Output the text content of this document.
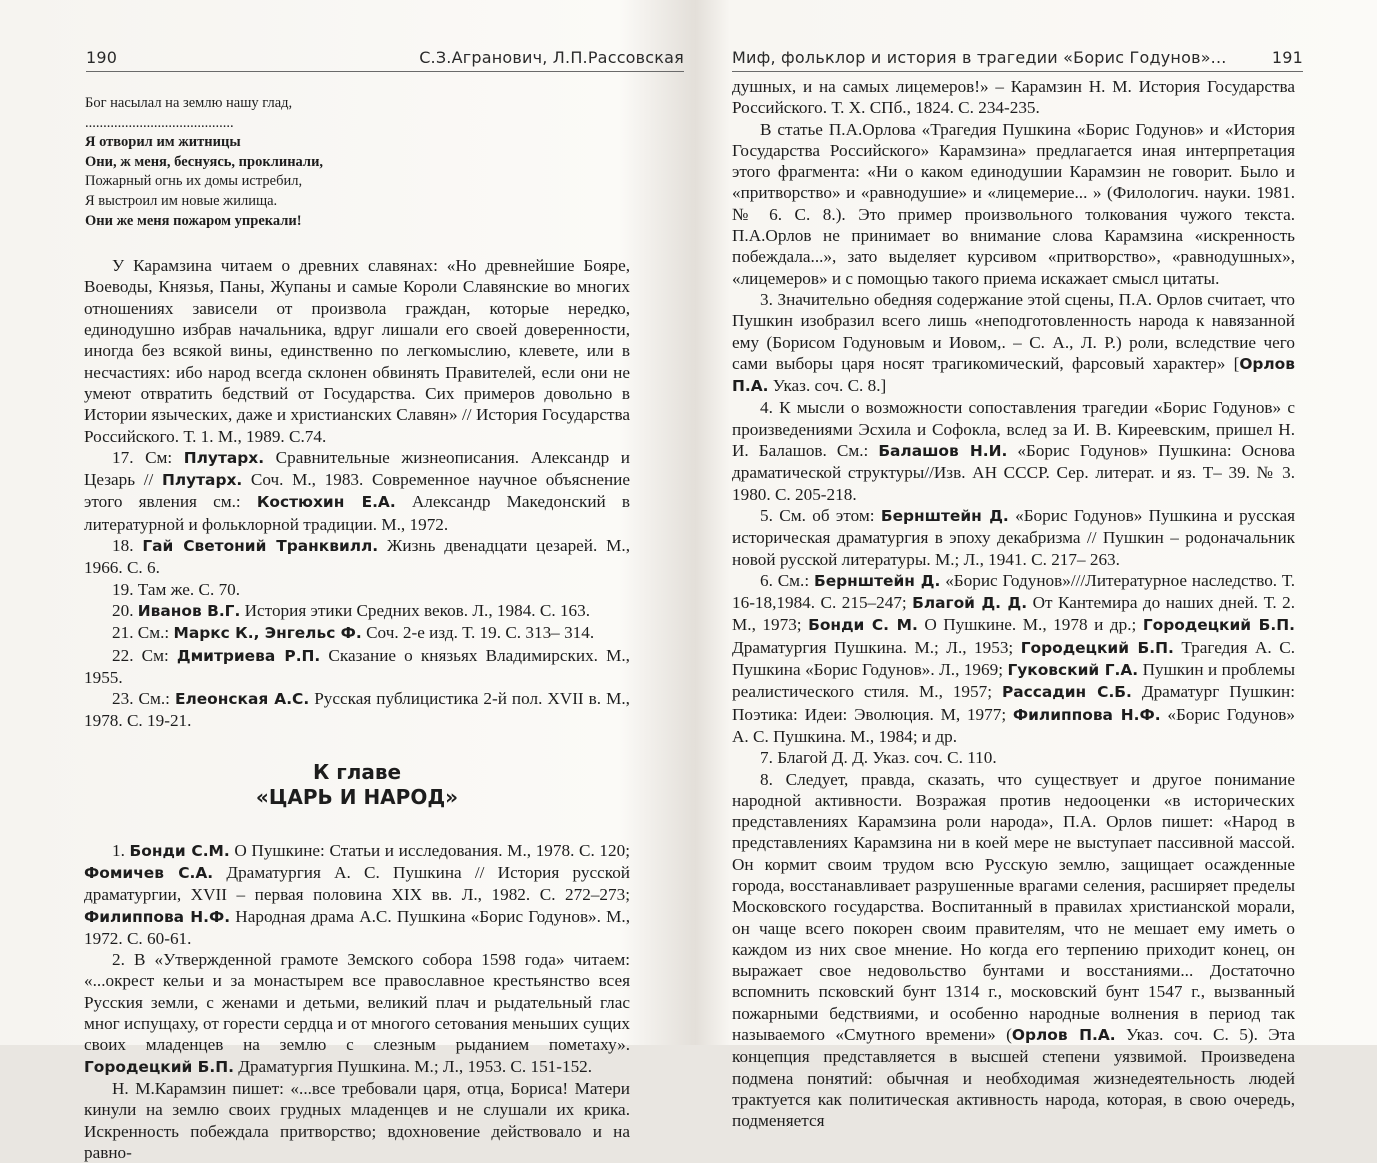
190	С.З.Агранович, Л.П.Рассовская
Бог насылал на землю нашу глад,
.........................................
Я отворил им житницы
Они, ж меня, беснуясь, проклинали,
Пожарный огнь их домы истребил,
Я выстроил им новые жилища.
Они же меня пожаром упрекали!

У Карамзина читаем о древних славянах: «Но древнейшие Бояре, Воеводы, Князья, Паны, Жупаны и самые Короли Славянские во многих отношениях зависели от произвола граждан, которые нередко, единодушно избрав начальника, вдруг лишали его своей доверенности, иногда без всякой вины, единственно по легкомыслию, клевете, или в несчастиях: ибо народ всегда склонен обвинять Правителей, если они не умеют отвратить бедствий от Государства. Сих примеров довольно в Истории языческих, даже и христианских Славян» // История Государства Российского. Т. 1. М., 1989. С.74.

17. См: Плутарх. Сравнительные жизнеописания. Александр и Цезарь // Плутарх. Соч. М., 1983. Современное научное объяснение этого явления см.: Костюхин Е.А. Александр Македонский в литературной и фольклорной традиции. М., 1972.

18. Гай Светоний Транквилл. Жизнь двенадцати цезарей. М., 1966. С. 6.

19. Там же. С. 70.

20. Иванов В.Г. История этики Средних веков. Л., 1984. С. 163.

21. См.: Маркс К., Энгельс Ф. Соч. 2-е изд. Т. 19. С. 313– 314.

22. См: Дмитриева Р.П. Сказание о князьях Владимирских. М., 1955.

23. См.: Елеонская А.С. Русская публицистика 2-й пол. XVII в. М., 1978. С. 19-21.

К главе
«ЦАРЬ И НАРОД»

1. Бонди С.М. О Пушкине: Статьи и исследования. М., 1978. С. 120; Фомичев С.А. Драматургия А. С. Пушкина // История русской драматургии, XVII – первая половина XIX вв. Л., 1982. С. 272–273; Филиппова Н.Ф. Народная драма А.С. Пушкина «Борис Годунов». М., 1972. С. 60-61.

2. В «Утвержденной грамоте Земского собора 1598 года» читаем: «...окрест кельи и за монастырем все православное крестьянство всея Русския земли, с женами и детьми, великий плач и рыдательный глас мног испущаху, от горести сердца и от многого сетования меньших сущих своих младенцев на землю с слезным рыданием пометаху». Городецкий Б.П. Драматургия Пушкина. М.; Л., 1953. С. 151-152.

Н. М.Карамзин пишет: «...все требовали царя, отца, Бориса! Матери кинули на землю своих грудных младенцев и не слушали их крика. Искренность побеждала притворство; вдохновение действовало и на равно-

Миф, фольклор и история в трагедии «Борис Годунов»...	191

душных, и на самых лицемеров!» – Карамзин Н. М. История Государства Российского. Т. Х. СПб., 1824. С. 234-235.

В статье П.А.Орлова «Трагедия Пушкина «Борис Годунов» и «История Государства Российского» Карамзина» предлагается иная интерпретация этого фрагмента: «Ни о каком единодушии Карамзин не говорит. Было и «притворство» и «равнодушие» и «лицемерие... » (Филологич. науки. 1981. № 6. С. 8.). Это пример произвольного толкования чужого текста. П.А.Орлов не принимает во внимание слова Карамзина «искренность побеждала...», зато выделяет курсивом «притворство», «равнодушных», «лицемеров» и с помощью такого приема искажает смысл цитаты.

3. Значительно обедняя содержание этой сцены, П.А. Орлов считает, что Пушкин изобразил всего лишь «неподготовленность народа к навязанной ему (Борисом Годуновым и Иовом,. – С. А., Л. Р.) роли, вследствие чего сами выборы царя носят трагикомический, фарсовый характер» [Орлов П.А. Указ. соч. С. 8.]

4. К мысли о возможности сопоставления трагедии «Борис Годунов» с произведениями Эсхила и Софокла, вслед за И. В. Киреевским, пришел Н. И. Балашов. См.: Балашов Н.И. «Борис Годунов» Пушкина: Основа драматической структуры//Изв. АН СССР. Сер. литерат. и яз. Т– 39. № 3. 1980. С. 205-218.

5. См. об этом: Бернштейн Д. «Борис Годунов» Пушкина и русская историческая драматургия в эпоху декабризма // Пушкин – родоначальник новой русской литературы. М.; Л., 1941. С. 217– 263.

6. См.: Бернштейн Д. «Борис Годунов»///Литературное наследство. Т. 16-18,1984. С. 215–247; Благой Д. Д. От Кантемира до наших дней. Т. 2. М., 1973; Бонди С. М. О Пушкине. М., 1978 и др.; Городецкий Б.П. Драматургия Пушкина. М.; Л., 1953; Городецкий Б.П. Трагедия А. С. Пушкина «Борис Годунов». Л., 1969; Гуковский Г.А. Пушкин и проблемы реалистического стиля. М., 1957; Рассадин С.Б. Драматург Пушкин: Поэтика: Идеи: Эволюция. М, 1977; Филиппова Н.Ф. «Борис Годунов» А. С. Пушкина. М., 1984; и др.

7. Благой Д. Д. Указ. соч. С. 110.

8. Следует, правда, сказать, что существует и другое понимание народной активности. Возражая против недооценки «в исторических представлениях Карамзина роли народа», П.А. Орлов пишет: «Народ в представлениях Карамзина ни в коей мере не выступает пассивной массой. Он кормит своим трудом всю Русскую землю, защищает осажденные города, восстанавливает разрушенные врагами селения, расширяет пределы Московского государства. Воспитанный в правилах христианской морали, он чаще всего покорен своим правителям, что не мешает ему иметь о каждом из них свое мнение. Но когда его терпению приходит конец, он выражает свое недовольство бунтами и восстаниями... Достаточно вспомнить псковский бунт 1314 г., московский бунт 1547 г., вызванный пожарными бедствиями, и особенно народные волнения в период так называемого «Смутного времени» (Орлов П.А. Указ. соч. С. 5). Эта концепция представляется в высшей степени уязвимой. Произведена подмена понятий: обычная и необходимая жизнедеятельность людей трактуется как политическая активность народа, которая, в свою очередь, подменяется
